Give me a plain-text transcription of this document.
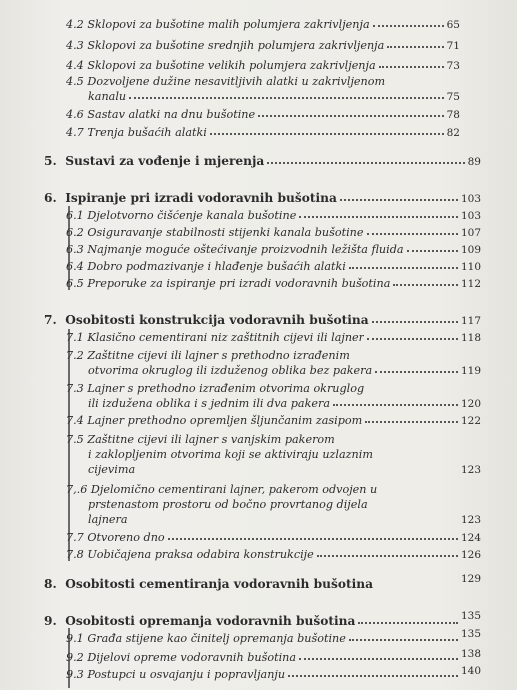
4.2 Sklopovi za bušotine malih polumjera zakrivljenja	65
4.3 Sklopovi za bušotine srednjih polumjera zakrivljenja	71
4.4 Sklopovi za bušotine velikih polumjera zakrivljenja	73
4.5 Dozvoljene dužine nesavitljivih alatki u zakrivljenom
kanalu	75
4.6 Sastav alatki na dnu bušotine	78
4.7 Trenja bušaćih alatki	82
5. Sustavi za vođenje i mjerenja	89
6. Ispiranje pri izradi vodoravnih bušotina	103
6.1 Djelotvorno čišćenje kanala bušotine	103
6.2 Osiguravanje stabilnosti stijenki kanala bušotine	107
6.3 Najmanje moguće oštećivanje proizvodnih ležišta fluida	109
6.4 Dobro podmazivanje i hlađenje bušaćih alatki	110
6.5 Preporuke za ispiranje pri izradi vodoravnih bušotina	112
7. Osobitosti konstrukcija vodoravnih bušotina	117
7.1 Klasično cementirani niz zaštitnih cijevi ili lajner	118
7.2 Zaštitne cijevi ili lajner s prethodno izrađenim
otvorima okruglog ili izduženog oblika bez pakera	119
7.3 Lajner s prethodno izrađenim otvorima okruglog
ili izdužena oblika i s jednim ili dva pakera	120
7.4 Lajner prethodno opremljen šljunčanim zasipom	122
7.5 Zaštitne cijevi ili lajner s vanjskim pakerom
i zaklopljenim otvorima koji se aktiviraju uzlaznim
cijevima	123
7,.6 Djelomično cementirani lajner, pakerom odvojen u
prstenastom prostoru od bočno provrtanog dijela
lajnera	123
7.7 Otvoreno dno	124
7.8 Uobičajena praksa odabira konstrukcije	126
8. Osobitosti cementiranja vodoravnih bušotina	129
9. Osobitosti opremanja vodoravnih bušotina	135
9.1 Građa stijene kao činitelj opremanja bušotine	135
9.2 Dijelovi opreme vodoravnih bušotina	138
9.3 Postupci u osvajanju i popravljanju	140
